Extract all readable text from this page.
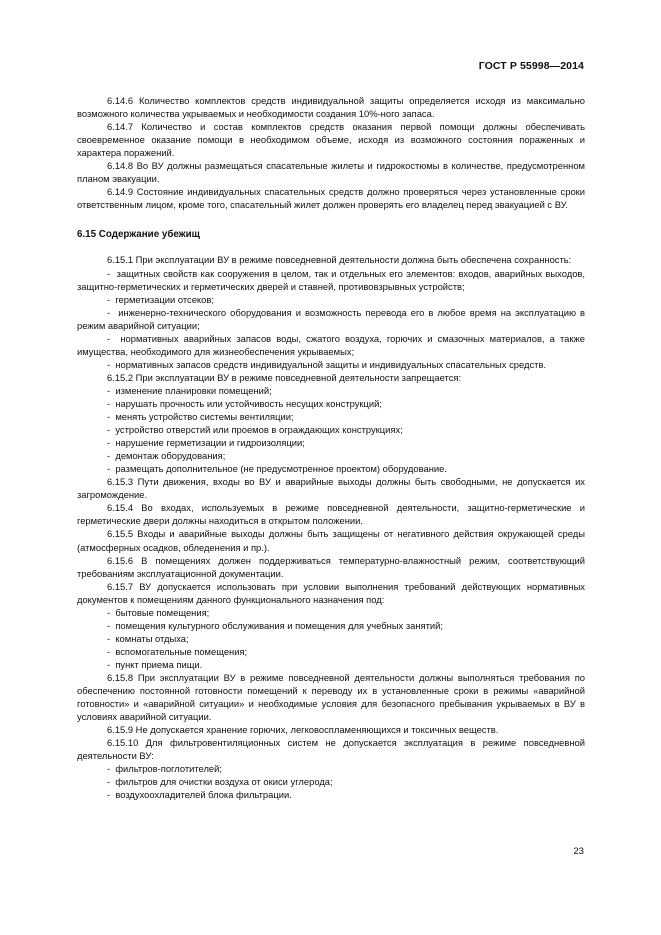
ГОСТ Р 55998—2014

6.14.6 Количество комплектов средств индивидуальной защиты определяется исходя из максимально возможного количества укрываемых и необходимости создания 10%-ного запаса.

6.14.7 Количество и состав комплектов средств оказания первой помощи должны обеспечивать своевременное оказание помощи в необходимом объеме, исходя из возможного состояния пораженных и характера поражений.

6.14.8 Во ВУ должны размещаться спасательные жилеты и гидрокостюмы в количестве, предусмотренном планом эвакуации.

6.14.9 Состояние индивидуальных спасательных средств должно проверяться через установленные сроки ответственным лицом, кроме того, спасательный жилет должен проверять его владелец перед эвакуацией с ВУ.

6.15 Содержание убежищ

6.15.1 При эксплуатации ВУ в режиме повседневной деятельности должна быть обеспечена сохранность:

-  защитных свойств как сооружения в целом, так и отдельных его элементов: входов, аварийных выходов, защитно-герметических и герметических дверей и ставней, противовзрывных устройств;

-  герметизации отсеков;

-  инженерно-технического оборудования и возможность перевода его в любое время на эксплуатацию в режим аварийной ситуации;

-  нормативных аварийных запасов воды, сжатого воздуха, горючих и смазочных материалов, а также имущества, необходимого для жизнеобеспечения укрываемых;

-  нормативных запасов средств индивидуальной защиты и индивидуальных спасательных средств.

6.15.2 При эксплуатации ВУ в режиме повседневной деятельности запрещается:

-  изменение планировки помещений;

-  нарушать прочность или устойчивость несущих конструкций;

-  менять устройство системы вентиляции;

-  устройство отверстий или проемов в ограждающих конструкциях;

-  нарушение герметизации и гидроизоляции;

-  демонтаж оборудования;

-  размещать дополнительное (не предусмотренное проектом) оборудование.

6.15.3 Пути движения, входы во ВУ и аварийные выходы должны быть свободными, не допускается их загромождение.

6.15.4 Во входах, используемых в режиме повседневной деятельности, защитно-герметические и герметические двери должны находиться в открытом положении.

6.15.5 Входы и аварийные выходы должны быть защищены от негативного действия окружающей среды (атмосферных осадков, обледенения и пр.).

6.15.6 В помещениях должен поддерживаться температурно-влажностный режим, соответствующий требованиям эксплуатационной документации.

6.15.7 ВУ допускается использовать при условии выполнения требований действующих нормативных документов к помещениям данного функционального назначения под:

-  бытовые помещения;

-  помещения культурного обслуживания и помещения для учебных занятий;

-  комнаты отдыха;

-  вспомогательные помещения;

-  пункт приема пищи.

6.15.8 При эксплуатации ВУ в режиме повседневной деятельности должны выполняться требования по обеспечению постоянной готовности помещений к переводу их в установленные сроки в режимы «аварийной готовности» и «аварийной ситуации» и необходимые условия для безопасного пребывания укрываемых в ВУ в условиях аварийной ситуации.

6.15.9 Не допускается хранение горючих, легковоспламеняющихся и токсичных веществ.

6.15.10 Для фильтровентиляционных систем не допускается эксплуатация в режиме повседневной деятельности ВУ:

-  фильтров-поглотителей;

-  фильтров для очистки воздуха от окиси углерода;

-  воздухоохладителей блока фильтрации.

23
